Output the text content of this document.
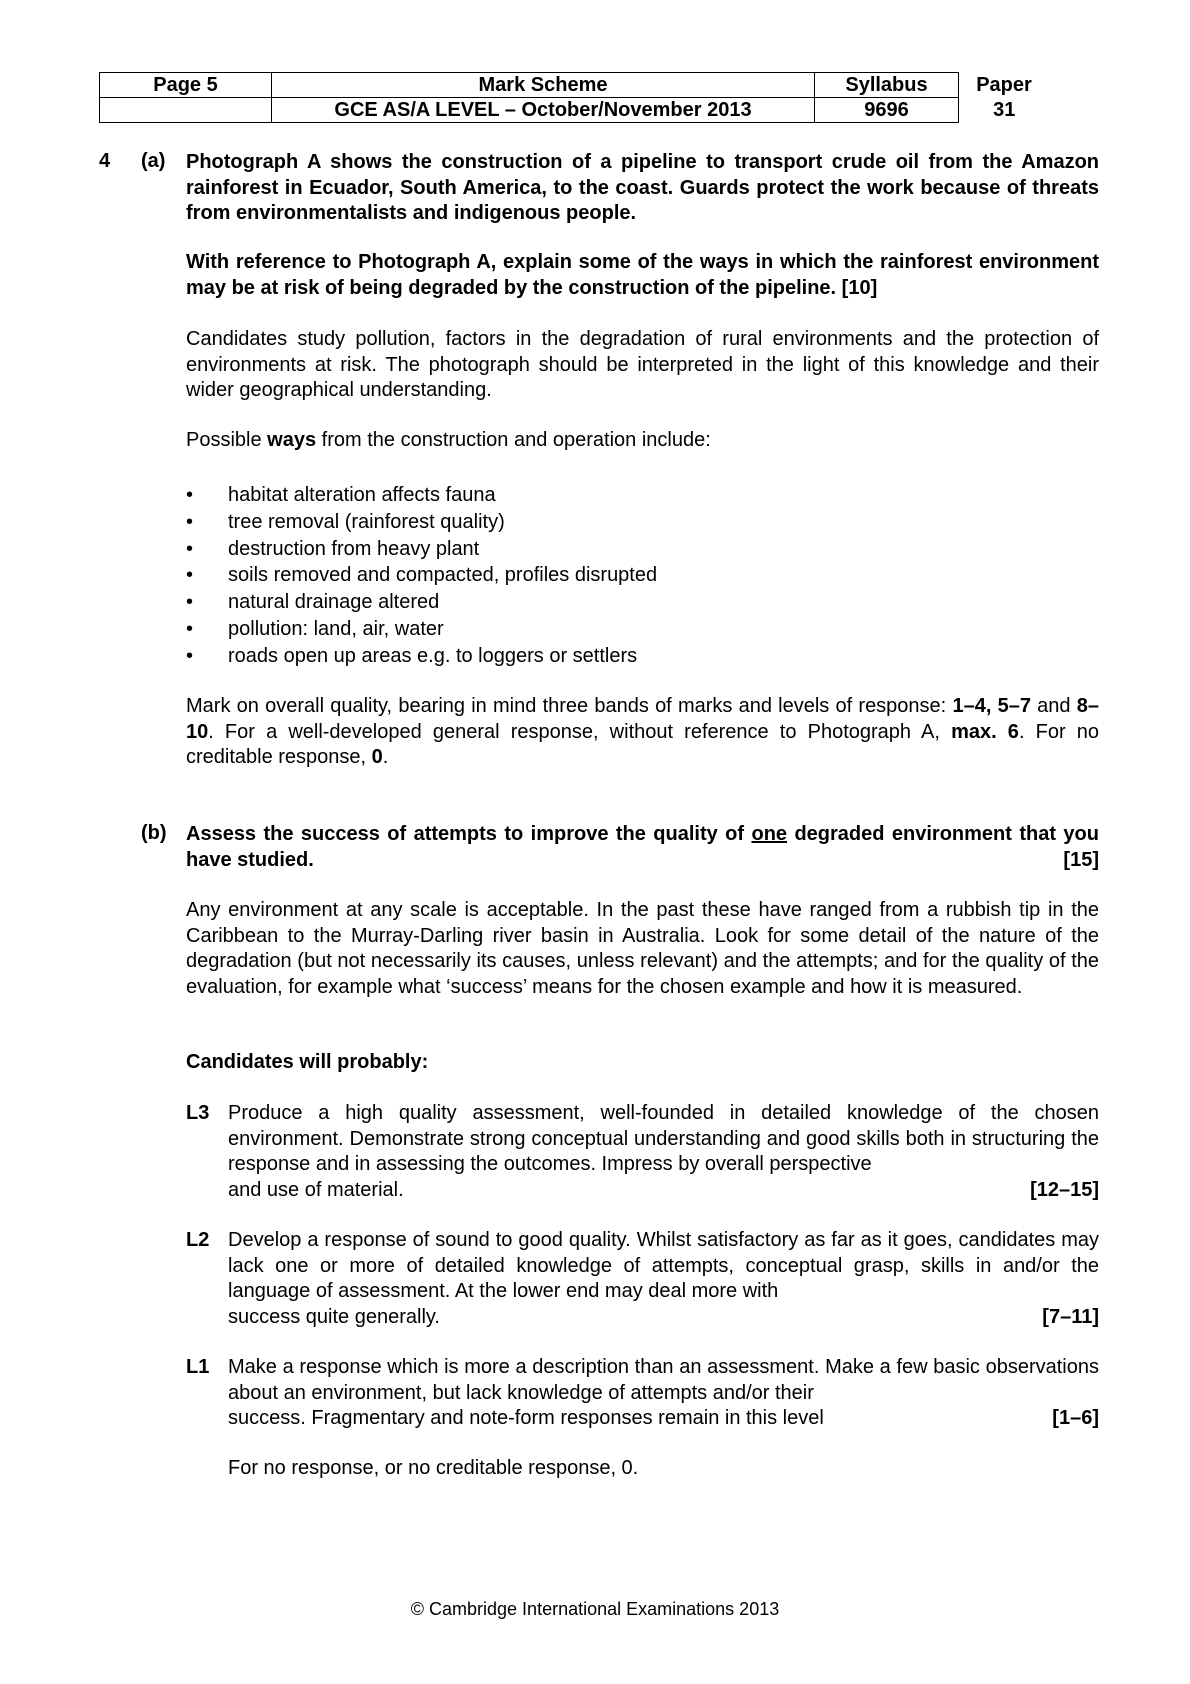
Page 5	Mark Scheme	Syllabus	Paper
	GCE AS/A LEVEL – October/November 2013	9696	31
4 (a) Photograph A shows the construction of a pipeline to transport crude oil from the Amazon rainforest in Ecuador, South America, to the coast. Guards protect the work because of threats from environmentalists and indigenous people.
With reference to Photograph A, explain some of the ways in which the rainforest environment may be at risk of being degraded by the construction of the pipeline. [10]
Candidates study pollution, factors in the degradation of rural environments and the protection of environments at risk. The photograph should be interpreted in the light of this knowledge and their wider geographical understanding.
Possible ways from the construction and operation include:
• habitat alteration affects fauna
• tree removal (rainforest quality)
• destruction from heavy plant
• soils removed and compacted, profiles disrupted
• natural drainage altered
• pollution: land, air, water
• roads open up areas e.g. to loggers or settlers
Mark on overall quality, bearing in mind three bands of marks and levels of response: 1–4, 5–7 and 8–10. For a well-developed general response, without reference to Photograph A, max. 6. For no creditable response, 0.
(b) Assess the success of attempts to improve the quality of one degraded environment that you have studied.	[15]
Any environment at any scale is acceptable. In the past these have ranged from a rubbish tip in the Caribbean to the Murray-Darling river basin in Australia. Look for some detail of the nature of the degradation (but not necessarily its causes, unless relevant) and the attempts; and for the quality of the evaluation, for example what ‘success’ means for the chosen example and how it is measured.
Candidates will probably:
L3 Produce a high quality assessment, well-founded in detailed knowledge of the chosen environment. Demonstrate strong conceptual understanding and good skills both in structuring the response and in assessing the outcomes. Impress by overall perspective
and use of material.	[12–15]
L2 Develop a response of sound to good quality. Whilst satisfactory as far as it goes, candidates may lack one or more of detailed knowledge of attempts, conceptual grasp, skills in and/or the language of assessment. At the lower end may deal more with
success quite generally.	[7–11]
L1 Make a response which is more a description than an assessment. Make a few basic observations about an environment, but lack knowledge of attempts and/or their
success. Fragmentary and note-form responses remain in this level	[1–6]
For no response, or no creditable response, 0.
© Cambridge International Examinations 2013
